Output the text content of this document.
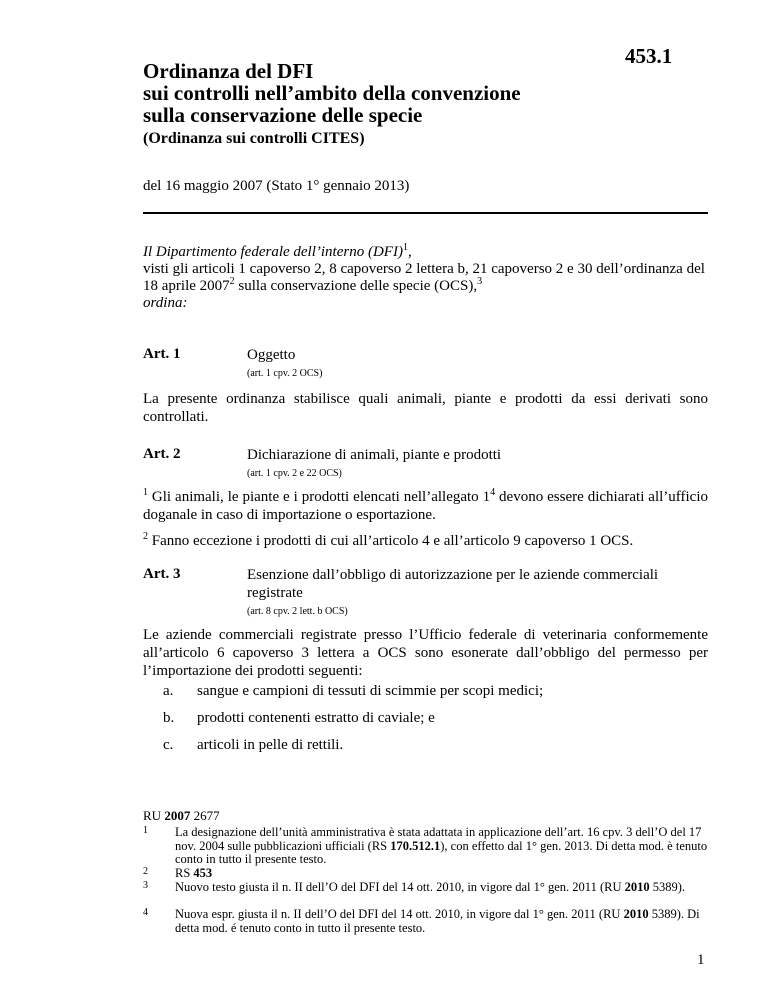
Ordinanza del DFI
sui controlli nell’ambito della convenzione
sulla conservazione delle specie
453.1
(Ordinanza sui controlli CITES)
del 16 maggio 2007 (Stato 1° gennaio 2013)

Il Dipartimento federale dell’interno (DFI)$^1$,

visti gli articoli 1 capoverso 2, 8 capoverso 2 lettera b, 21 capoverso 2 e 30 dell’ordinanza del 18 aprile 2007$^2$ sulla conservazione delle specie (OCS),$^3$

ordina:

Art. 1	Oggetto
(art. 1 cpv. 2 OCS)
La presente ordinanza stabilisce quali animali, piante e prodotti da essi derivati sono controllati.
Art. 2	Dichiarazione di animali, piante e prodotti
(art. 1 cpv. 2 e 22 OCS)
$^1$ Gli animali, le piante e i prodotti elencati nell’allegato $1^4$ devono essere dichiarati all’ufficio doganale in caso di importazione o esportazione.
$^2$ Fanno eccezione i prodotti di cui all’articolo 4 e all’articolo 9 capoverso 1 OCS.
Art. 3	Esenzione dall’obbligo di autorizzazione per le aziende commerciali registrate
(art. 8 cpv. 2 lett. b OCS)
Le aziende commerciali registrate presso l’Ufficio federale di veterinaria conformemente all’articolo 6 capoverso 3 lettera a OCS sono esonerate dall’obbligo del permesso per l’importazione dei prodotti seguenti:
a. sangue e campioni di tessuti di scimmie per scopi medici;
b. prodotti contenenti estratto di caviale; e
c. articoli in pelle di rettili.
RU 2007 2677
1 La designazione dell’unità amministrativa è stata adattata in applicazione dell’art. 16 cpv. 3 dell’O del 17 nov. 2004 sulle pubblicazioni ufficiali (RS 170.512.1), con effetto dal 1° gen. 2013. Di detta mod. è tenuto conto in tutto il presente testo.
2 RS 453
3 Nuovo testo giusta il n. II dell’O del DFI del 14 ott. 2010, in vigore dal 1° gen. 2011 (RU 2010 5389).
4 Nuova espr. giusta il n. II dell’O del DFI del 14 ott. 2010, in vigore dal 1° gen. 2011 (RU 2010 5389). Di detta mod. é tenuto conto in tutto il presente testo.
1
